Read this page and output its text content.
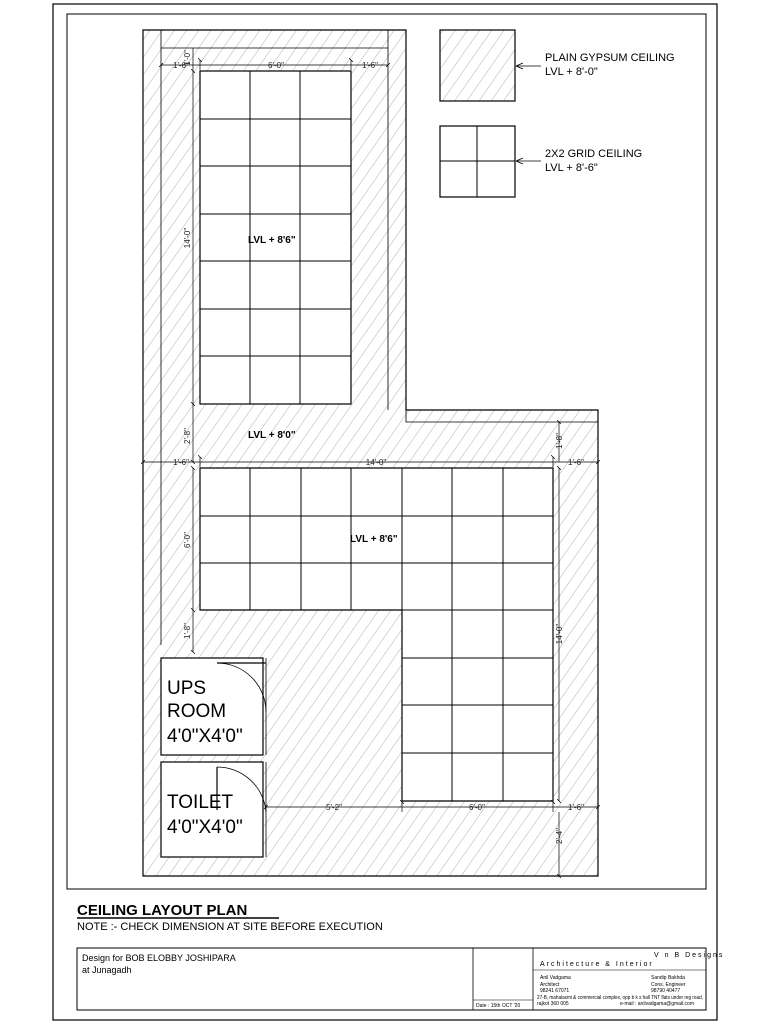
1'-6"	6'-0"	1'-6"
1'-0"
14'-0"
2'-8"
1'-6"	14'-0"	1'-6"
1'-8"
6'-0"
1'-8"	14'-0"
5'-2"	6'-0"	1'-6"
2'-4"
LVL + 8'6"
LVL + 8'0"
LVL + 8'6"
UPS
ROOM
4'0"X4'0"
TOILET
4'0"X4'0"
PLAIN GYPSUM CEILING
LVL + 8'-0"
2X2 GRID CEILING
LVL + 8'-6"
CEILING LAYOUT PLAN
NOTE :- CHECK DIMENSION AT SITE BEFORE EXECUTION
Design for BOB ELOBBY JOSHIPARA
at Junagadh
Date : 15th OCT '20
V n B Designs
Architecture & Interior
Anil Vadgama
Architect
98241 67071
Sandip Bakhda
Cons. Engineer
98790 40477
27-B, mahalaxmi & commercial complex, opp b k s hall TNT flats under reg road,
rajkot 360 005	e-mail : anilvadgama@gmail.com
